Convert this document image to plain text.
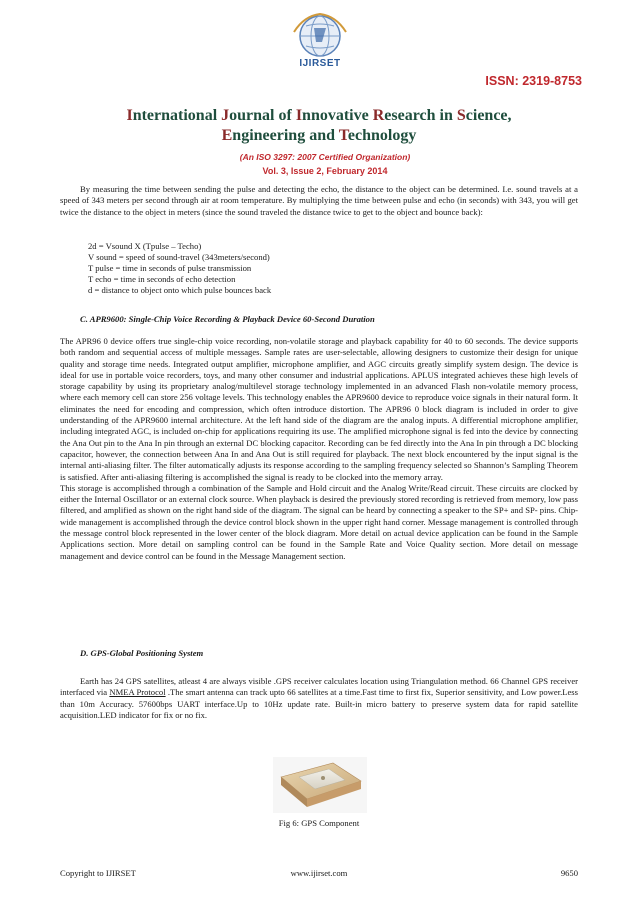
IJIRSET
ISSN: 2319-8753
International Journal of Innovative Research in Science,
Engineering and Technology
(An ISO 3297: 2007 Certified Organization)
Vol. 3, Issue 2, February 2014
By measuring the time between sending the pulse and detecting the echo, the distance to the object can be determined. I.e. sound travels at a speed of 343 meters per second through air at room temperature. By multiplying the time between pulse and echo (in seconds) with 343, you will get twice the distance to the object in meters (since the sound traveled the distance twice to get to the object and bounce back):
2d = Vsound X (Tpulse – Techo)
V sound = speed of sound-travel (343meters/second)
T pulse = time in seconds of pulse transmission
T echo = time in seconds of echo detection
d = distance to object onto which pulse bounces back
C. APR9600: Single-Chip Voice Recording & Playback Device 60-Second Duration
The APR96 0 device offers true single-chip voice recording, non-volatile storage and playback capability for 40 to 60 seconds. The device supports both random and sequential access of multiple messages. Sample rates are user-selectable, allowing designers to customize their design for unique quality and storage time needs. Integrated output amplifier, microphone amplifier, and AGC circuits greatly simplify system design. The device is ideal for use in portable voice recorders, toys, and many other consumer and industrial applications. APLUS integrated achieves these high levels of storage capability by using its proprietary analog/multilevel storage technology implemented in an advanced Flash non-volatile memory process, where each memory cell can store 256 voltage levels. This technology enables the APR9600 device to reproduce voice signals in their natural form. It eliminates the need for encoding and compression, which often introduce distortion. The APR96 0 block diagram is included in order to give understanding of the APR9600 internal architecture. At the left hand side of the diagram are the analog inputs. A differential microphone amplifier, including integrated AGC, is included on-chip for applications requiring its use. The amplified microphone signal is fed into the device by connecting the Ana Out pin to the Ana In pin through an external DC blocking capacitor. Recording can be fed directly into the Ana In pin through a DC blocking capacitor, however, the connection between Ana In and Ana Out is still required for playback. The next block encountered by the input signal is the internal anti-aliasing filter. The filter automatically adjusts its response according to the sampling frequency selected so Shannon’s Sampling Theorem is satisfied. After anti-aliasing filtering is accomplished the signal is ready to be clocked into the memory array.
This storage is accomplished through a combination of the Sample and Hold circuit and the Analog Write/Read circuit. These circuits are clocked by either the Internal Oscillator or an external clock source. When playback is desired the previously stored recording is retrieved from memory, low pass filtered, and amplified as shown on the right hand side of the diagram. The signal can be heard by connecting a speaker to the SP+ and SP- pins. Chip-wide management is accomplished through the device control block shown in the upper right hand corner. Message management is controlled through the message control block represented in the lower center of the block diagram. More detail on actual device application can be found in the Sample Applications section. More detail on sampling control can be found in the Sample Rate and Voice Quality section. More detail on message management and device control can be found in the Message Management section.
D. GPS-Global Positioning System
Earth has 24 GPS satellites, atleast 4 are always visible .GPS receiver calculates location using Triangulation method. 66 Channel GPS receiver interfaced via NMEA Protocol .The smart antenna can track upto 66 satellites at a time.Fast time to first fix, Superior sensitivity, and Low power.Less than 10m Accuracy. 57600bps UART interface.Up to 10Hz update rate. Built-in micro battery to preserve system data for rapid satellite acquisition.LED indicator for fix or no fix.
Fig 6: GPS Component
Copyright to IJIRSET	www.ijirset.com	9650
